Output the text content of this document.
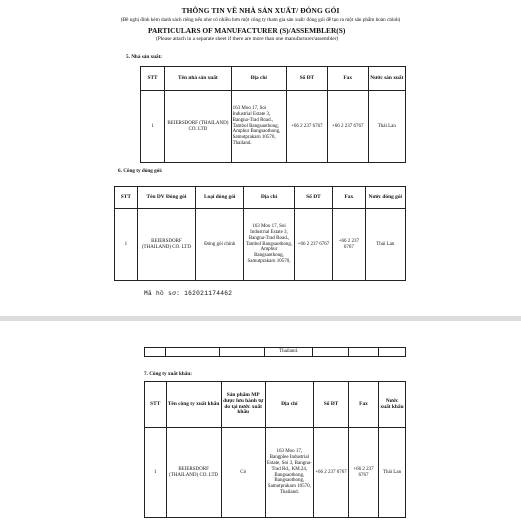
THÔNG TIN VỀ NHÀ SẢN XUẤT/ ĐÓNG GÓI
(Đề nghị đính kèm danh sách riêng nếu như có nhiều hơn một công ty tham gia sản xuất/ đóng gói để tạo ra một sản phẩm hoàn chỉnh)
PARTICULARS OF MANUFACTURER (S)/ASSEMBLER(S)
(Please attach in a separate sheet if there are more than one manufacturer/assembler)
5. Nhà sản xuất:
STT	Tên nhà sản xuất	Địa chỉ	Số ĐT	Fax	Nước sản xuất
1	BEIERSDORF (THAILAND) CO. LTD	163 Moo 17, Soi Industrial Estate 3, Bangna-Trad Road., Tambol Bangsaothong, Amphur Bangsaothong, Samutprakarn 10570, Thailand.	+66 2 237 6767	+66 2 237 6767	Thái Lan
6. Công ty đóng gói:
STT	Tên DV Đóng gói	Loại đóng gói	Địa chỉ	Số ĐT	Fax	Nước đóng gói
1	BEIERSDORF (THAILAND) CO. LTD	Đóng gói chính	163 Moo 17, Soi Industrial Estate 3, Bangna-Trad Road., Tambol Bangsaothong, Amphur Bangsaothong, Samutprakarn 10570,	+66 2 237 6767	+66 2 237 6767	Thái Lan
Mã hồ sơ: 162021174462
			Thailand.			
7. Công ty xuất khẩu:
STT	Tên công ty xuất khẩu	Sản phẩm MP được lưu hành tự do tại nước xuất khẩu	Địa chỉ	Số ĐT	Fax	Nước xuất khẩu
1	BEIERSDORF (THAILAND) CO. LTD	Có	163 Moo 17, Bangplee Industrial Estate, Soi 3, Bangna-Trad Rd., KM.24, Bangsaothong, Bangsaothong, Samutprakarn 10570, Thailand.	+66 2 237 6767	+66 2 237 6767	Thái Lan
